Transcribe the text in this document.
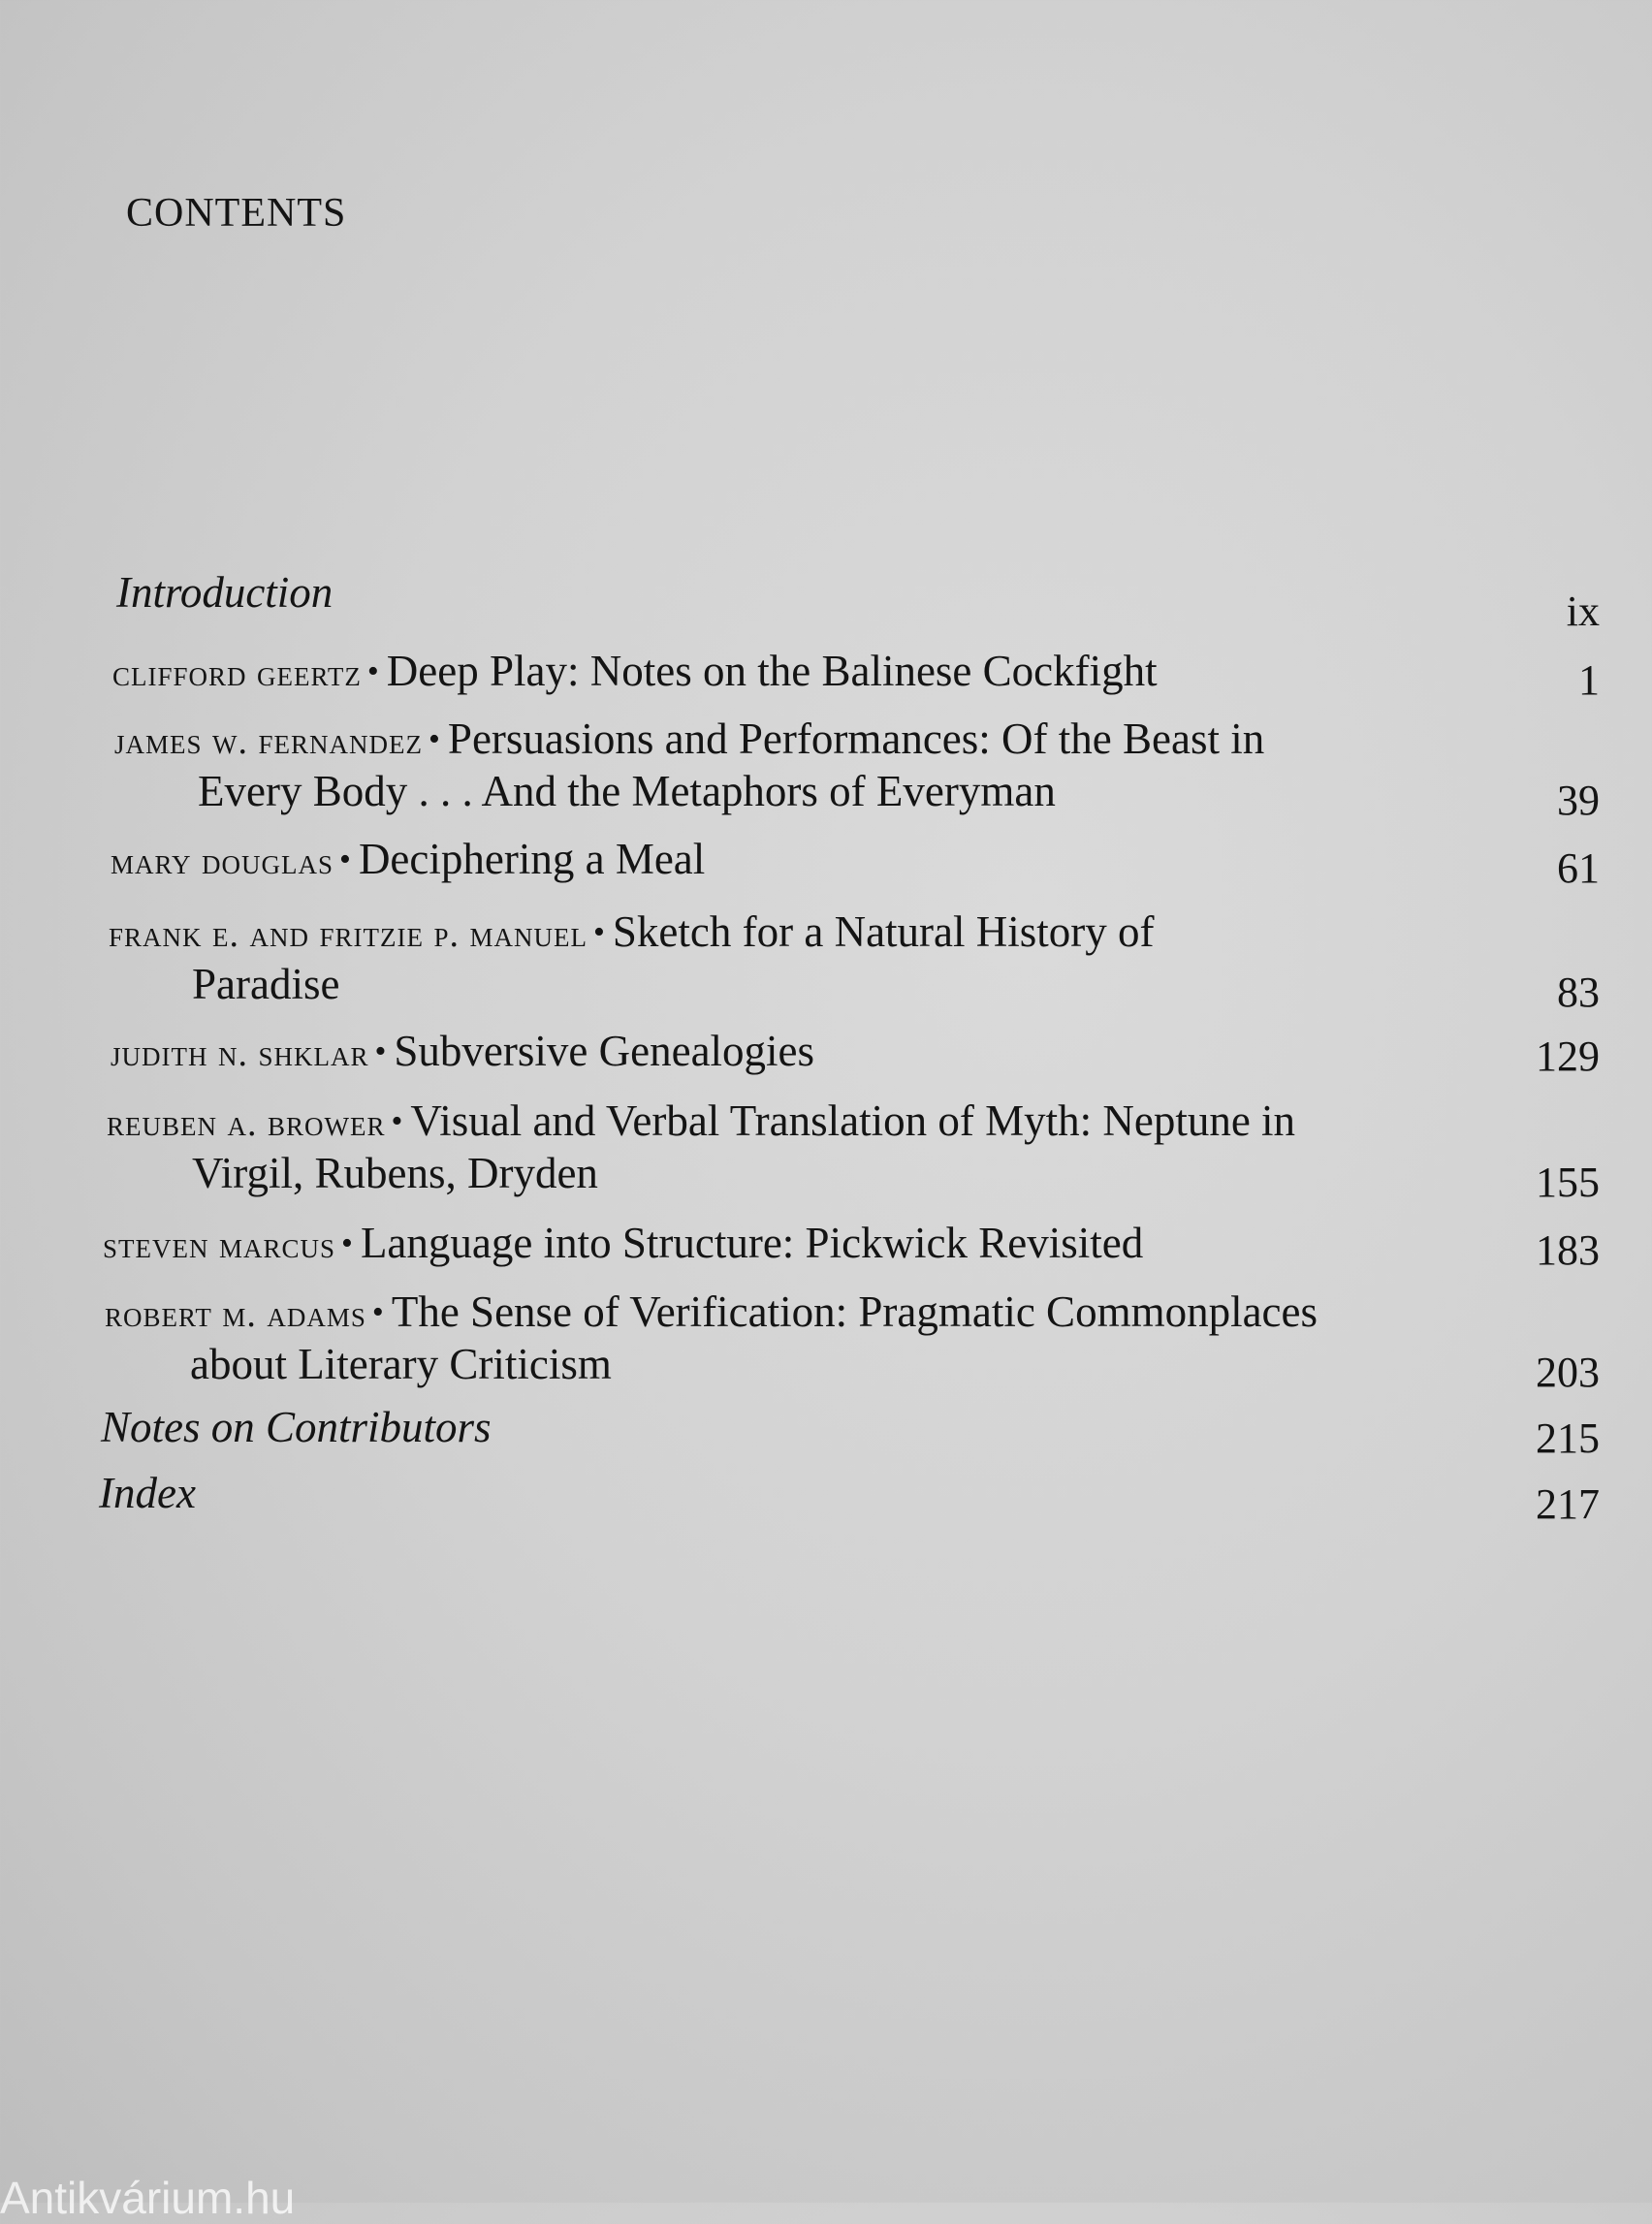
CONTENTS
Introduction	ix
clifford geertz • Deep Play: Notes on the Balinese Cockfight	1
james w. fernandez • Persuasions and Performances: Of the Beast in
Every Body . . . And the Metaphors of Everyman	39
mary douglas • Deciphering a Meal	61
frank e. and fritzie p. manuel • Sketch for a Natural History of
Paradise	83
judith n. shklar • Subversive Genealogies	129
reuben a. brower • Visual and Verbal Translation of Myth: Neptune in
Virgil, Rubens, Dryden	155
steven marcus • Language into Structure: Pickwick Revisited	183
robert m. adams • The Sense of Verification: Pragmatic Commonplaces
about Literary Criticism	203
Notes on Contributors	215
Index	217
Antikvárium.hu
